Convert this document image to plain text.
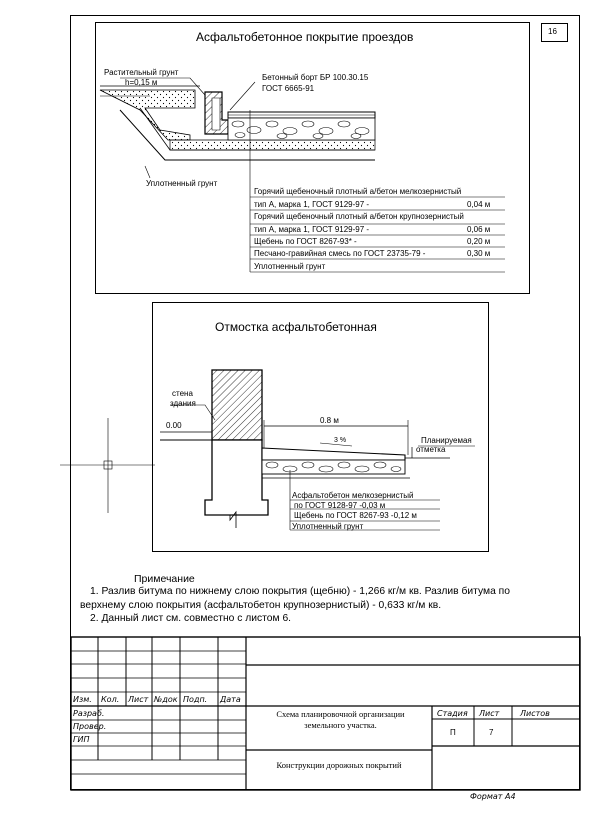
16
Асфальтобетонное покрытие проездов
Растительный грунт
h=0,15 м
Бетонный борт БР 100.30.15
ГОСТ 6665-91
Уплотненный грунт
Горячий щебеночный плотный а/бетон мелкозернистый
тип А, марка 1, ГОСТ 9129-97 -	0,04 м
Горячий щебеночный плотный а/бетон крупнозернистый
тип А, марка 1, ГОСТ 9129-97 -	0,06 м
Щебень по ГОСТ 8267-93* -	0,20 м
Песчано-гравийная смесь по ГОСТ 23735-79 -	0,30 м
Уплотненный грунт
Отмостка асфальтобетонная
стена
здания
0.00
0.8 м
3 %	Планируемая
отметка
Асфальтобетон мелкозернистый
по ГОСТ 9128-97 -0,03 м
Щебень по ГОСТ 8267-93 -0,12 м
Уплотненный грунт
Примечание
1. Разлив битума по нижнему слою покрытия (щебню) - 1,266 кг/м кв. Разлив битума по
верхнему слою покрытия (асфальтобетон крупнозернистый) - 0,633 кг/м кв.
2. Данный лист см. совместно с листом 6.
Изм. Кол. Лист №док Подп. Дата
Разраб.
Провер.
ГИП
Схема планировочной организации земельного участка.
Конструкции дорожных покрытий
Стадия Лист	Листов
П	7
Формат А4
